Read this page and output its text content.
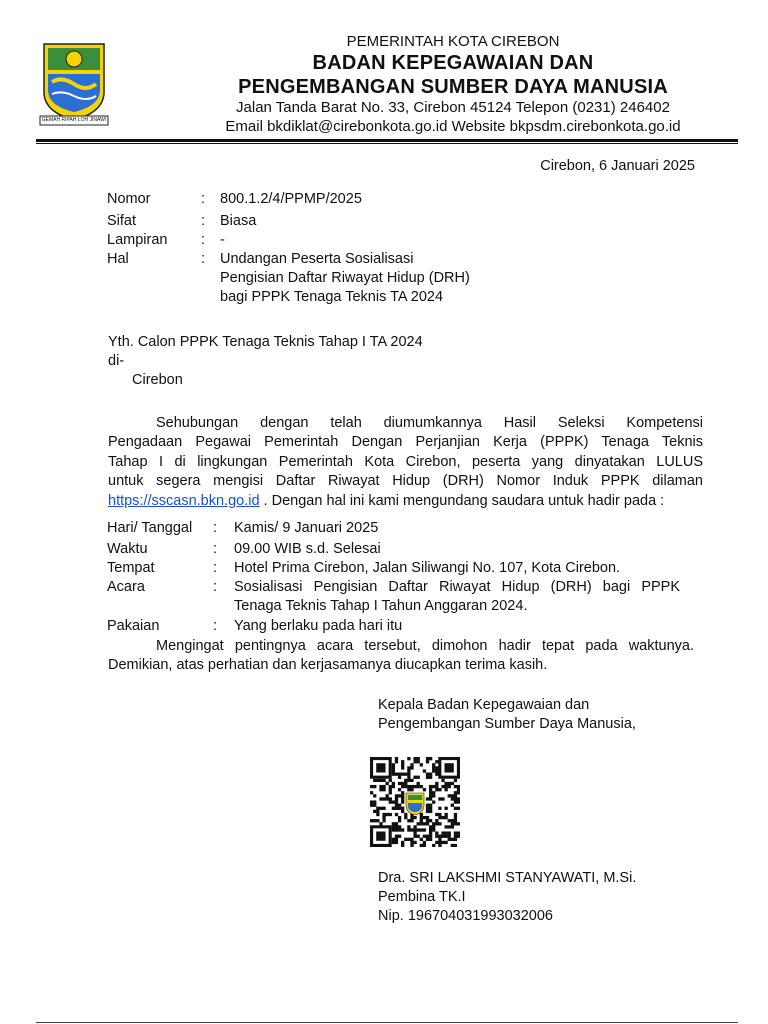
GEMAH RIPAH LOH JINAWI
PEMERINTAH KOTA CIREBON
BADAN KEPEGAWAIAN DAN
PENGEMBANGAN SUMBER DAYA MANUSIA
Jalan Tanda Barat No. 33, Cirebon 45124 Telepon (0231) 246402
Email bkdiklat@cirebonkota.go.id Website bkpsdm.cirebonkota.go.id
Cirebon, 6 Januari 2025
Nomor	: 800.1.2/4/PPMP/2025
Sifat	: Biasa
Lampiran : -
Hal	: Undangan Peserta Sosialisasi
Pengisian Daftar Riwayat Hidup (DRH)
bagi PPPK Tenaga Teknis TA 2024
Yth. Calon PPPK Tenaga Teknis Tahap I TA 2024
di-
Cirebon
Sehubungan dengan telah diumumkannya Hasil Seleksi Kompetensi
Pengadaan Pegawai Pemerintah Dengan Perjanjian Kerja (PPPK) Tenaga Teknis
Tahap I di lingkungan Pemerintah Kota Cirebon, peserta yang dinyatakan LULUS
untuk segera mengisi Daftar Riwayat Hidup (DRH) Nomor Induk PPPK dilaman
https://sscasn.bkn.go.id . Dengan hal ini kami mengundang saudara untuk hadir pada :
Hari/ Tanggal : Kamis/ 9 Januari 2025
Waktu	: 09.00 WIB s.d. Selesai
Tempat	: Hotel Prima Cirebon, Jalan Siliwangi No. 107, Kota Cirebon.
Acara	: Sosialisasi Pengisian Daftar Riwayat Hidup (DRH) bagi PPPK
Tenaga Teknis Tahap I Tahun Anggaran 2024.
Pakaian	: Yang berlaku pada hari itu
Mengingat pentingnya acara tersebut, dimohon hadir tepat pada waktunya.
Demikian, atas perhatian dan kerjasamanya diucapkan terima kasih.
Kepala Badan Kepegawaian dan
Pengembangan Sumber Daya Manusia,
Dra. SRI LAKSHMI STANYAWATI, M.Si.
Pembina TK.I
Nip. 196704031993032006
